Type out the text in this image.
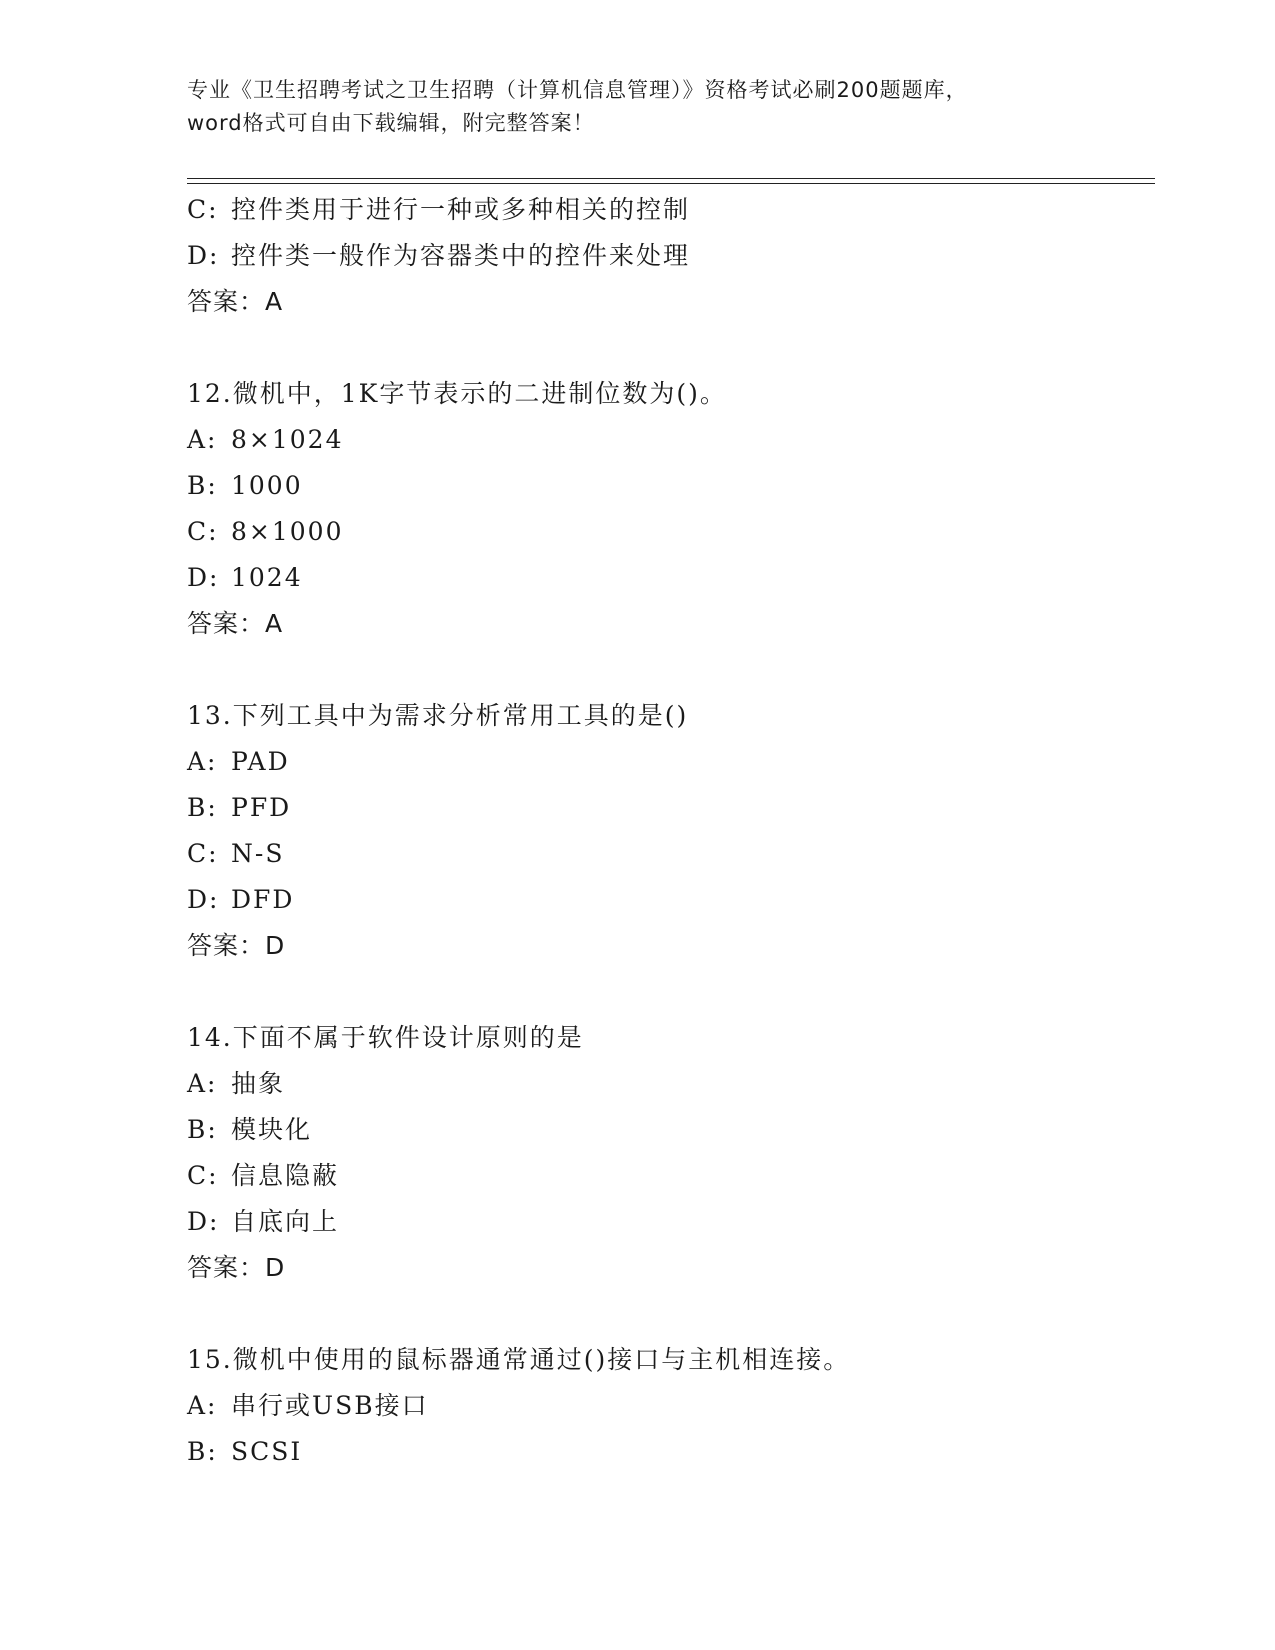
专业《卫生招聘考试之卫生招聘（计算机信息管理）》资格考试必刷200题题库，
word格式可自由下载编辑，附完整答案！
C: 控件类用于进行一种或多种相关的控制
D: 控件类一般作为容器类中的控件来处理
答案：A
12.微机中，1K字节表示的二进制位数为()。
A: 8×1024
B: 1000
C: 8×1000
D: 1024
答案：A
13.下列工具中为需求分析常用工具的是()
A: PAD
B: PFD
C: N-S
D: DFD
答案：D
14.下面不属于软件设计原则的是
A: 抽象
B: 模块化
C: 信息隐蔽
D: 自底向上
答案：D
15.微机中使用的鼠标器通常通过()接口与主机相连接。
A: 串行或USB接口
B: SCSI
